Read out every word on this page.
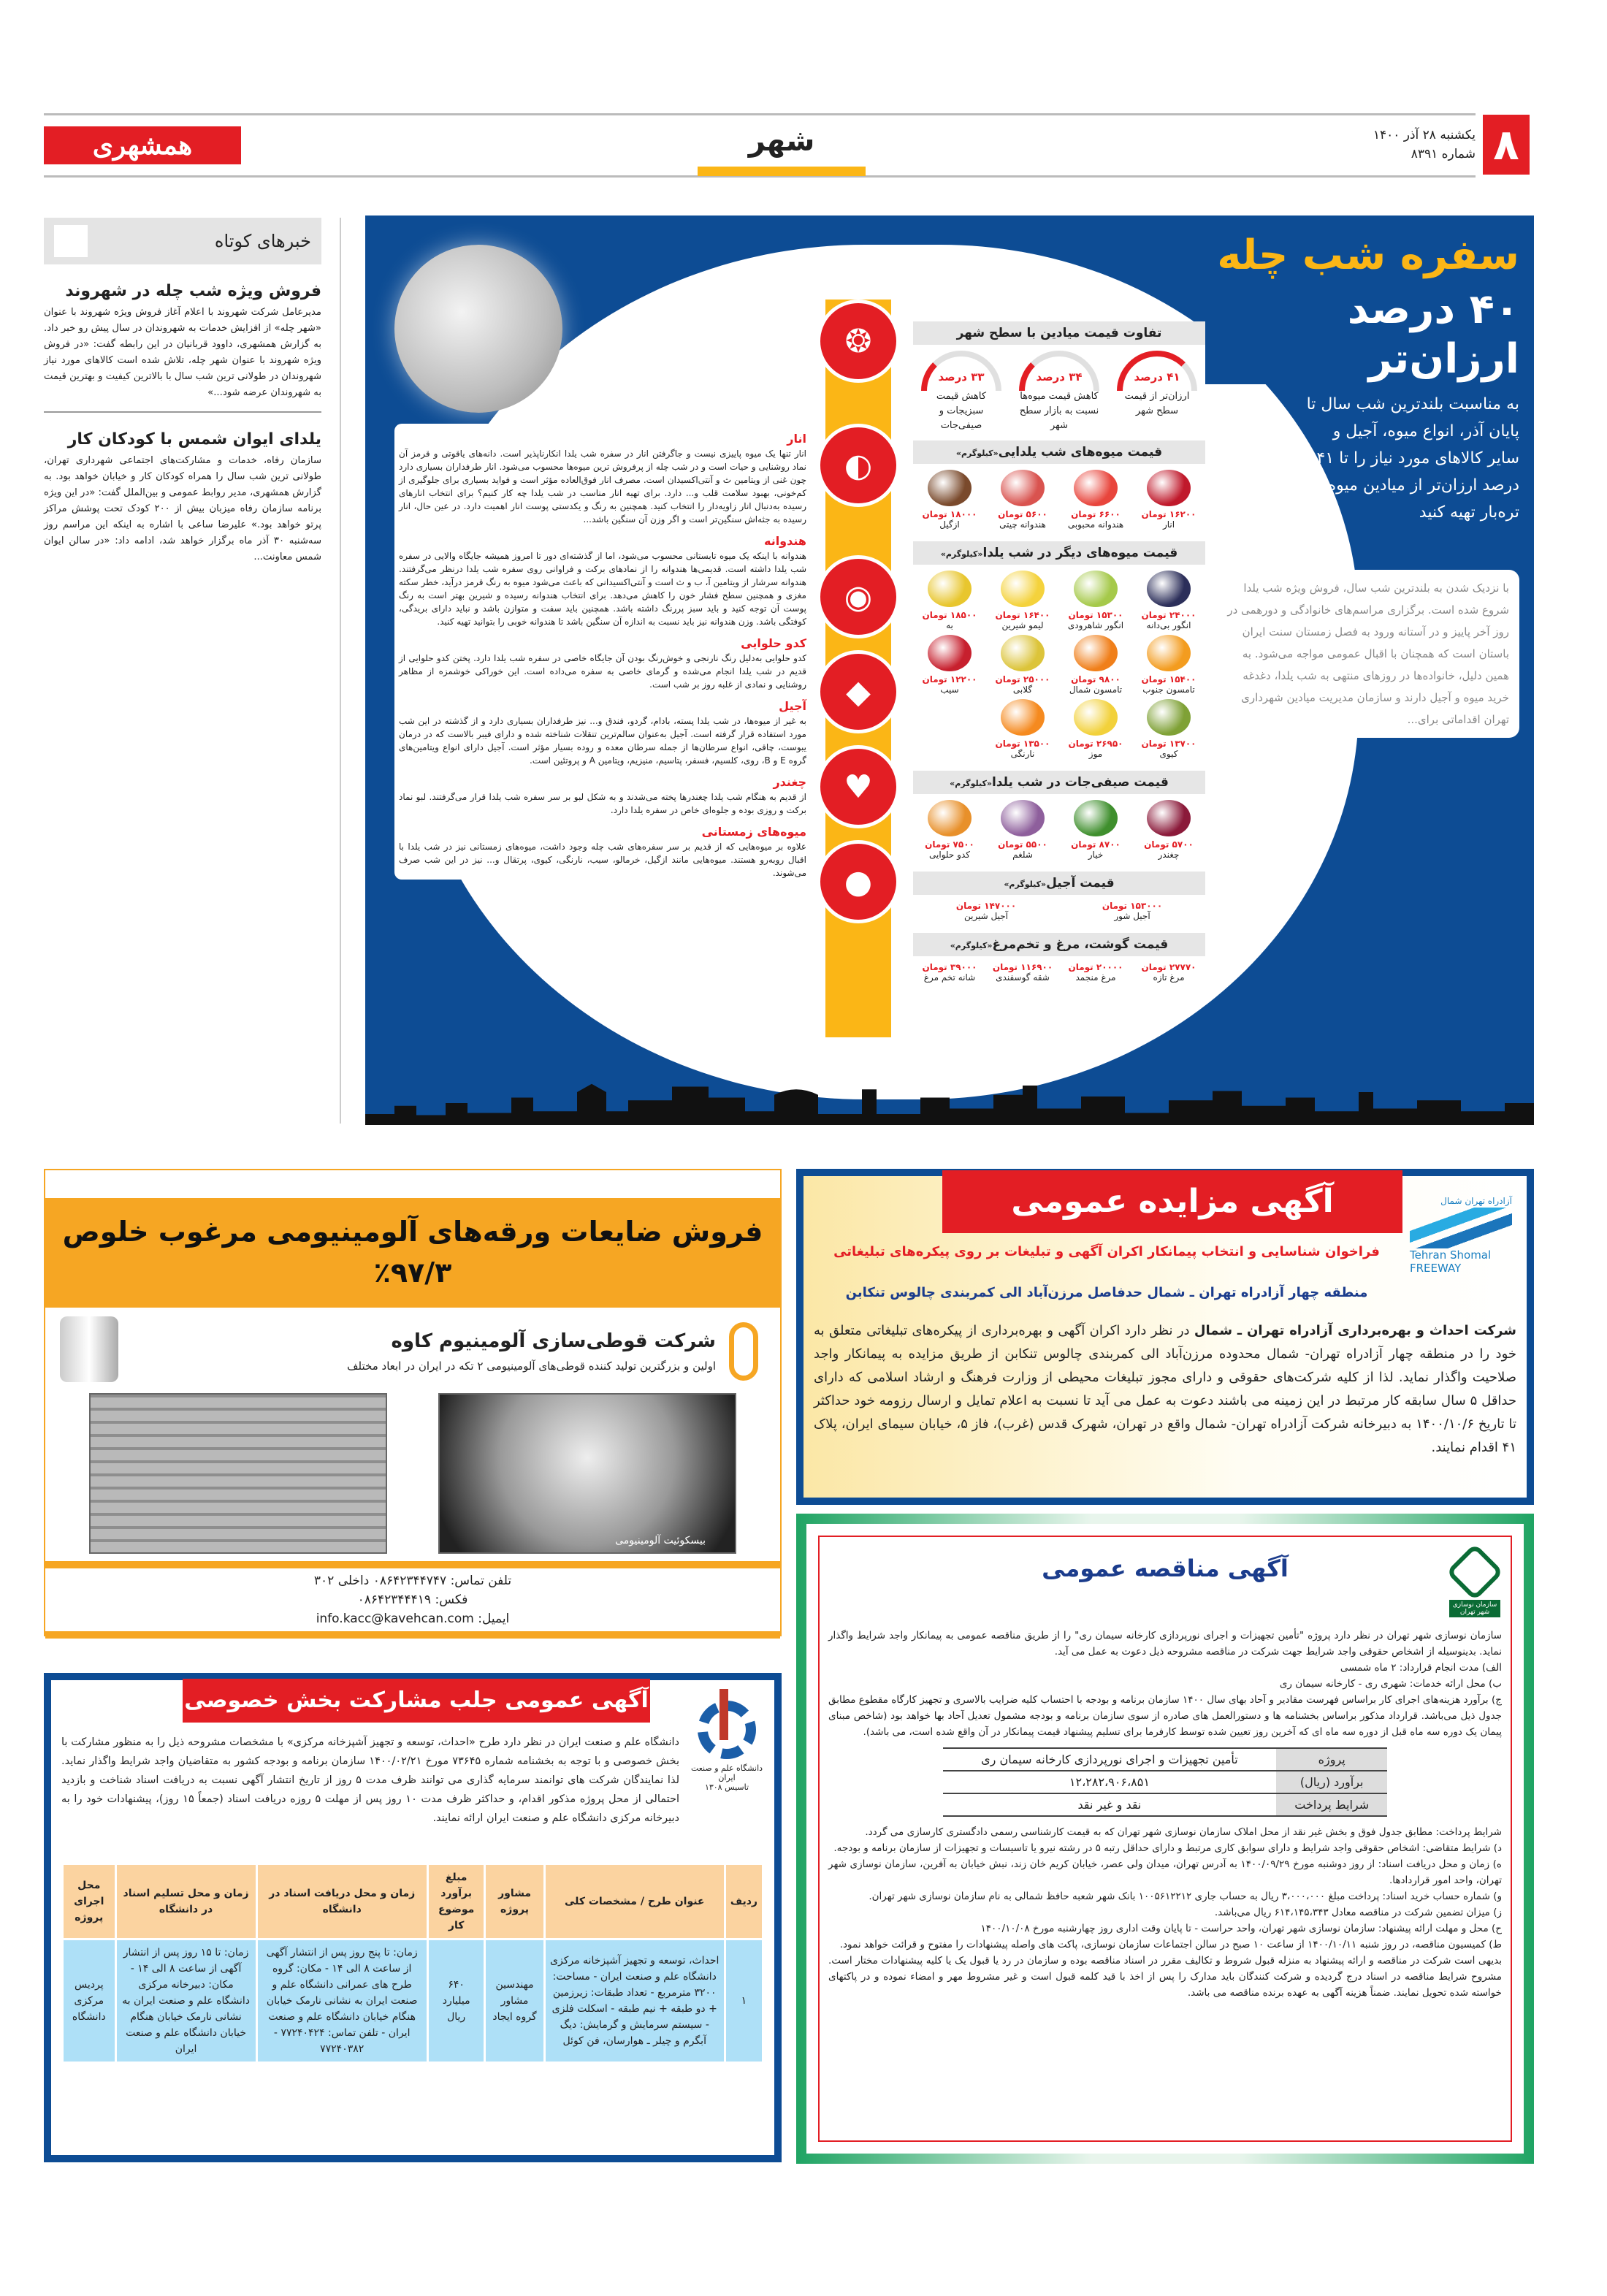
۸
یکشنبه ۲۸ آذر ۱۴۰۰
شماره ۸۳۹۱
شهر
همشهری
خبرهای کوتاه
فروش ویژه شب چله در شهروند

مدیرعامل شرکت شهروند با اعلام آغاز فروش ویژه شهروند با عنوان «شهر چله» از افزایش خدمات به شهروندان در سال پیش رو خبر داد. به گزارش همشهری، داوود قربانیان در این رابطه گفت: «در فروش ویژه شهروند با عنوان شهر چله، تلاش شده است کالاهای مورد نیاز شهروندان در طولانی ترین شب سال با بالاترین کیفیت و بهترین قیمت به شهروندان عرضه شود...»

یلدای ایوان شمس با کودکان کار

سازمان رفاه، خدمات و مشارکت‌های اجتماعی شهرداری تهران، طولانی ترین شب سال را همراه کودکان کار و خیابان خواهد بود. به گزارش همشهری، مدیر روابط عمومی و بین‌الملل گفت: «در این ویژه برنامه سازمان رفاه میزبان بیش از ۲۰۰ کودک تحت پوشش مراکز پرتو خواهد بود.» علیرضا ساعی با اشاره به اینکه این مراسم روز سه‌شنبه ۳۰ آذر ماه برگزار خواهد شد، ادامه داد: «در سالن ایوان شمس معاونت...

سفره شب چله
۴۰ درصد ارزان‌تر
به مناسبت بلندترین شب سال تا پایان آذر، انواع میوه، آجیل و سایر کالاهای مورد نیاز را تا ۴۱ درصد ارزان‌تر از میادین میوه و تره‌بار تهیه کنید
با نزدیک شدن به بلندترین شب سال، فروش ویژه شب یلدا شروع شده است. برگزاری مراسم‌های خانوادگی و دورهمی در روز آخر پاییز و در آستانه ورود به فصل زمستان سنت ایران باستان است که همچنان با اقبال عمومی مواجه می‌شود. به همین دلیل، خانواده‌ها در روزهای منتهی به شب یلدا، دغدغه خرید میوه و آجیل دارند و سازمان مدیریت میادین شهرداری تهران اقداماتی برای...
❂
◐
◉
◆
♥
●
انار

انار تنها یک میوه پاییزی نیست و جاگرفتن انار در سفره شب یلدا انکارناپذیر است. دانه‌های یاقوتی و قرمز آن نماد روشنایی و حیات است و در شب چله از پرفروش ترین میوه‌ها محسوب می‌شود. انار طرفداران بسیاری دارد چون غنی از ویتامین ث و آنتی‌اکسیدان است. مصرف انار فوق‌العاده مؤثر است و فواید بسیاری برای جلوگیری از کم‌خونی، بهبود سلامت قلب و... دارد. برای تهیه انار مناسب در شب یلدا چه کار کنیم؟ برای انتخاب انارهای رسیده به‌دنبال انار زاویه‌دار را انتخاب کنید. همچنین به رنگ و یکدستی پوست انار اهمیت دارد. در عین حال، انار رسیده به جثه‌اش سنگین‌تر است و اگر وزن آن سنگین باشد...

هندوانه

هندوانه با اینکه یک میوه تابستانی محسوب می‌شود، اما از گذشته‌ای دور تا امروز همیشه جایگاه والایی در سفره شب یلدا داشته است. قدیمی‌ها هندوانه را از نمادهای برکت و فراوانی روی سفره شب یلدا درنظر می‌گرفتند. هندوانه سرشار از ویتامین آ، ب و ث است و آنتی‌اکسیدانی که باعث می‌شود میوه به رنگ قرمز درآید، خطر سکته مغزی و همچنین سطح فشار خون را کاهش می‌دهد. برای انتخاب هندوانه رسیده و شیرین بهتر است به رنگ پوست آن توجه کنید و باید سبز پررنگ داشته باشد. همچنین باید سفت و متوازن باشد و نباید دارای بریدگی، کوفتگی باشد. وزن هندوانه نیز باید نسبت به اندازه آن سنگین باشد تا هندوانه خوبی را بتوانید تهیه کنید.

کدو حلوایی

کدو حلوایی به‌دلیل رنگ نارنجی و خوش‌رنگ بودن آن جایگاه خاصی در سفره شب یلدا دارد. پختن کدو حلوایی از قدیم در شب یلدا انجام می‌شده و گرمای خاصی به سفره می‌داده است. این خوراکی خوشمزه از مظاهر روشنایی و نمادی از غلبه روز بر شب است.

آجیل

به غیر از میوه‌ها، در شب یلدا پسته، بادام، گردو، فندق و... نیز طرفداران بسیاری دارد و از گذشته در این شب مورد استفاده قرار گرفته است. آجیل به‌عنوان سالم‌ترین تنقلات شناخته شده و دارای فیبر بالاست که در درمان یبوست، چاقی، انواع سرطان‌ها از جمله سرطان معده و روده بسیار مؤثر است. آجیل دارای انواع ویتامین‌های گروه E و B، روی، کلسیم، فسفر، پتاسیم، منیزیم، ویتامین A و پروتئین است.

چغندر

از قدیم به هنگام شب یلدا چغندرها پخته می‌شدند و به شکل لبو بر سر سفره شب یلدا قرار می‌گرفتند. لبو نماد برکت و روزی بوده و جلوه‌ای خاص در سفره یلدا دارد.

میوه‌های زمستانی

علاوه بر میوه‌هایی که از قدیم بر سر سفره‌های شب چله وجود داشت، میوه‌های زمستانی نیز در شب یلدا با اقبال روبه‌رو هستند. میوه‌هایی مانند ازگیل، خرمالو، سیب، نارنگی، کیوی، پرتقال و... نیز در این شب صرف می‌شوند.

تفاوت قیمت میادین با سطح شهر
۴۱ درصد
ارزان‌تر از قیمت سطح شهر
۳۴ درصد
کاهش قیمت میوه‌ها نسبت به بازار سطح شهر
۳۳ درصد
کاهش قیمت سبزیجات و صیفی‌جات
قیمت میوه‌های شب یلدایی«کیلوگرم»
۱۶۲۰۰ تومان
انار
۶۶۰۰ تومان
هندوانه محبوبی
۵۶۰۰ تومان
هندوانه چیتی
۱۸۰۰۰ تومان
ازگیل
قیمت میوه‌های دیگر در شب یلدا«کیلوگرم»
۲۴۰۰۰ تومان
انگور بی‌دانه
۱۵۳۰۰ تومان
انگور شاهرودی
۱۶۴۰۰ تومان
لیمو شیرین
۱۸۵۰۰ تومان
به
۱۵۴۰۰ تومان
تامسون جنوب
۹۸۰۰ تومان
تامسون شمال
۲۵۰۰۰ تومان
گلابی
۱۲۲۰۰ تومان
سیب
۱۳۷۰۰ تومان
کیوی
۲۶۹۵۰ تومان
موز
۱۳۵۰۰ تومان
نارنگی
قیمت صیفی‌جات در شب یلدا«کیلوگرم»
۵۷۰۰ تومان
چغندر
۸۷۰۰ تومان
خیار
۵۵۰۰ تومان
شلغم
۷۵۰۰ تومان
کدو حلوایی
قیمت آجیل«کیلوگرم»
۱۵۳۰۰۰ تومان
آجیل شور
۱۴۷۰۰۰ تومان
آجیل شیرین
قیمت گوشت، مرغ و تخم‌مرغ«کیلوگرم»
۲۷۷۷۰ تومان
مرغ تازه
۲۰۰۰۰ تومان
مرغ منجمد
۱۱۶۹۰۰ تومان
شقه گوسفندی
۳۹۰۰۰ تومان
شانه تخم مرغ
فروش ضایعات ورقه‌های آلومینیومی مرغوب خلوص ۹۷/۳٪
شرکت قوطی‌سازی آلومینیوم کاوه
اولین و بزرگترین تولید کننده قوطی‌های آلومینیومی ۲ تکه در ایران در ابعاد مختلف
بیسکوئیت آلومینیومی
تلفن تماس: ۰۸۶۴۲۳۴۴۷۴۷ داخلی ۳۰۲
فکس: ۰۸۶۴۲۳۴۴۴۱۹
ایمیل: info.kacc@kavehcan.com
آگهی عمومی جلب مشارکت بخش خصوصی
دانشگاه علم و صنعت ایران
تاسیس ۱۳۰۸
دانشگاه علم و صنعت ایران در نظر دارد طرح «احداث، توسعه و تجهیز آشپزخانه مرکزی» با مشخصات مشروحه ذیل را به منظور مشارکت با بخش خصوصی و با توجه به بخشنامه شماره ۷۳۶۴۵ مورخ ۱۴۰۰/۰۲/۲۱ سازمان برنامه و بودجه کشور به متقاضیان واجد شرایط واگذار نماید. لذا نمایندگان شرکت های توانمند سرمایه گذاری می توانند ظرف مدت ۵ روز از تاریخ انتشار آگهی نسبت به دریافت اسناد شناخت و بازدید احتمالی از محل پروژه مذکور اقدام، و حداکثر ظرف مدت ۱۰ روز پس از مهلت ۵ روزه دریافت اسناد (جمعاً ۱۵ روز)، پیشنهادات خود را به دبیرخانه مرکزی دانشگاه علم و صنعت ایران ارائه نمایند.
ردیف	عنوان طرح / مشخصات کلی	مشاور پروژه	مبلغ برآورد موضوع کار	زمان و محل دریافت اسناد در دانشگاه	زمان و محل تسلیم اسناد در دانشگاه	محل اجرای پروژه
۱	احداث، توسعه و تجهیز آشپزخانه مرکزی دانشگاه علم و صنعت ایران - مساحت: ۳۲۰۰ مترمربع - تعداد طبقات: زیرزمین + دو طبقه + نیم طبقه - اسکلت فلزی - سیستم سرمایش و گرمایش: دیگ آبگرم و چیلر ـ هوارسان، فن کوئل	مهندسین مشاور گروه ایجاد	۶۴۰ میلیارد ریال	زمان: تا پنج روز پس از انتشار آگهی از ساعت ۸ الی ۱۴ - مکان: گروه طرح های عمرانی دانشگاه علم و صنعت ایران به نشانی نارمک خیابان هنگام خیابان دانشگاه علم و صنعت ایران - تلفن تماس: ۷۷۲۴۰۴۲۴ - ۷۷۲۴۰۳۸۲	زمان: تا ۱۵ روز پس از انتشار آگهی از ساعت ۸ الی ۱۴ - مکان: دبیرخانه مرکزی دانشگاه علم و صنعت ایران به نشانی نارمک خیابان هنگام خیابان دانشگاه علم و صنعت ایران	پردیس مرکزی دانشگاه
آگهی مزایده عمومی	آزادراه تهران شمال
Tehran Shomal FREEWAY
فراخوان شناسایی و انتخاب پیمانکار اکران آگهی و تبلیغات بر روی پیکره‌های تبلیغاتی
منطقه چهار آزادراه تهران ـ شمال حدفاصل مرزن‌آباد الی کمربندی چالوس تنکابن
شرکت احداث و بهره‌برداری آزادراه تهران ـ شمال در نظر دارد اکران آگهی و بهره‌برداری از پیکره‌های تبلیغاتی متعلق به خود را در منطقه چهار آزادراه تهران- شمال محدوده مرزن‌آباد الی کمربندی چالوس تنکابن از طریق مزایده به پیمانکار واجد صلاحیت واگذار نماید. لذا از کلیه شرکت‌های حقوقی و دارای مجوز تبلیغات محیطی از وزارت فرهنگ و ارشاد اسلامی که دارای حداقل ۵ سال سابقه کار مرتبط در این زمینه می باشند دعوت به عمل می آید تا نسبت به اعلام تمایل و ارسال رزومه خود حداکثر تا تاریخ ۱۴۰۰/۱۰/۶ به دبیرخانه شرکت آزادراه تهران- شمال واقع در تهران، شهرک قدس (غرب)، فاز ۵، خیابان سیمای ایران، پلاک ۴۱ اقدام نمایند.
سازمان نوسازی شهر تهران
آگهی مناقصه عمومی

سازمان نوسازی شهر تهران در نظر دارد پروژه "تأمین تجهیزات و اجرای نورپردازی کارخانه سیمان ری" را از طریق مناقصه عمومی به پیمانکار واجد شرایط واگذار نماید. بدینوسیله از اشخاص حقوقی واجد شرایط جهت شرکت در مناقصه مشروحه ذیل دعوت به عمل می آید.

الف) مدت انجام قرارداد: ۲ ماه شمسی

ب) محل ارائه خدمات: شهری ری - کارخانه سیمان ری

ج) برآورد هزینه‌های اجرای کار براساس فهرست مقادیر و آحاد بهای سال ۱۴۰۰ سازمان برنامه و بودجه با احتساب کلیه ضرایب بالاسری و تجهیز کارگاه مقطوع مطابق جدول ذیل می‌باشد. قرارداد مذکور براساس بخشنامه ها و دستورالعمل های صادره از سوی سازمان برنامه و بودجه مشمول تعدیل آحاد بها خواهد بود (شاخص مبنای پیمان یک دوره سه ماه قبل از دوره سه ماه ای که آخرین روز تعیین شده توسط کارفرما برای تسلیم پیشنهاد قیمت پیمانکار در آن واقع شده است، می باشد).

پروژه	تأمین تجهیزات و اجرای نورپردازی کارخانه سیمان ری
برآورد (ریال)	۱۲،۲۸۲،۹۰۶،۸۵۱
شرایط پرداخت	نقد و غیر نقد

شرایط پرداخت: مطابق جدول فوق و بخش غیر نقد از محل املاک سازمان نوسازی شهر تهران که به قیمت کارشناسی رسمی دادگستری کارسازی می گردد.

د) شرایط متقاضی: اشخاص حقوقی واجد شرایط و دارای سوابق کاری مرتبط و دارای حداقل رتبه ۵ در رشته نیرو یا تاسیسات و تجهیزات از سازمان برنامه و بودجه.

ه) زمان و محل دریافت اسناد: از روز دوشنبه مورخ ۱۴۰۰/۰۹/۲۹ به آدرس تهران، میدان ولی عصر، خیابان کریم خان زند، نبش خیابان به آفرین، سازمان نوسازی شهر تهران، واحد امور قراردادها.

و) شماره حساب خرید اسناد: پرداخت مبلغ ۳،۰۰۰،۰۰۰ ریال به حساب جاری ۱۰۰۵۶۱۲۲۱۲ بانک شهر شعبه حافظ شمالی به نام سازمان نوسازی شهر تهران.

ز) میزان تضمین شرکت در مناقصه معادل ۶۱۴،۱۴۵،۳۴۳ ریال می‌باشد.

ح) محل و مهلت ارائه پیشنهاد: سازمان نوسازی شهر تهران، واحد حراست - تا پایان وقت اداری روز چهارشنبه مورخ ۱۴۰۰/۱۰/۰۸

ط) کمیسیون مناقصه، در روز شنبه ۱۴۰۰/۱۰/۱۱ از ساعت ۱۰ صبح در سالن اجتماعات سازمان نوسازی، پاکت های واصله پیشنهادات را مفتوح و قرائت خواهد نمود.

بدیهی است شرکت در مناقصه و ارائه پیشنهاد به منزله قبول شروط و تکالیف مقرر در اسناد مناقصه بوده و سازمان در رد یا قبول یک یا کلیه پیشنهادات مختار است. مشروح شرایط مناقصه در اسناد درج گردیده و شرکت کنندگان باید مدارک را پس از اخذ با قید کلمه قبول است و غیر مشروط مهر و امضاء نموده و در پاکتهای خواسته شده تحویل نمایند. ضمناً هزینه آگهی به عهده برنده مناقصه می باشد.
